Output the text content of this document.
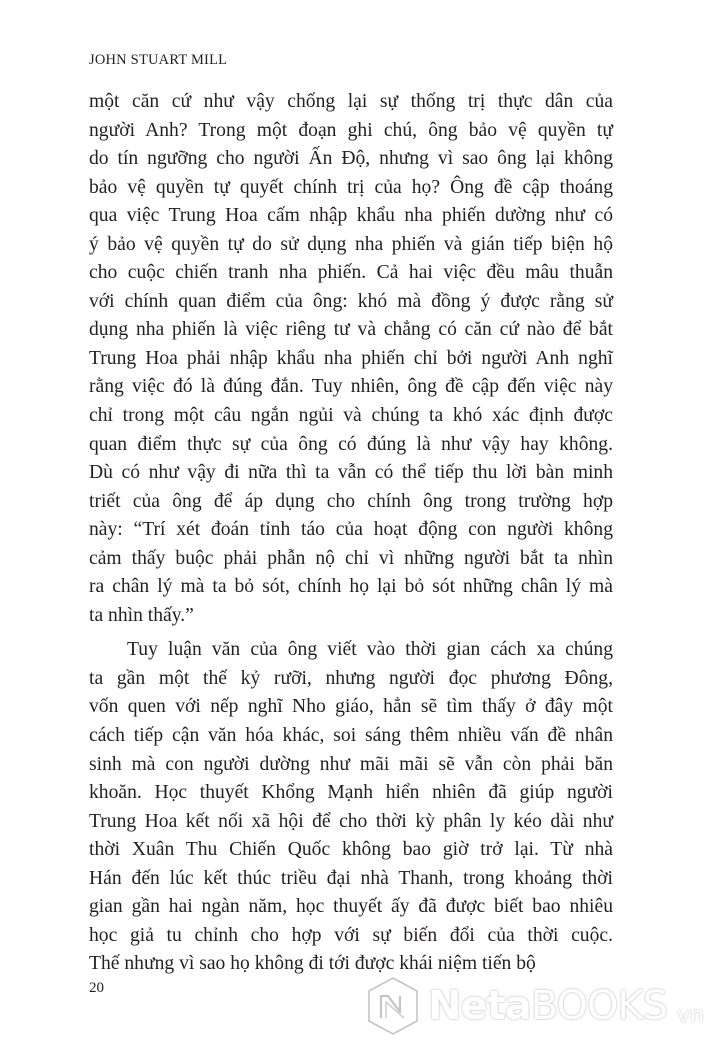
JOHN STUART MILL
một căn cứ như vậy chống lại sự thống trị thực dân của
người Anh? Trong một đoạn ghi chú, ông bảo vệ quyền tự
do tín ngưỡng cho người Ấn Độ, nhưng vì sao ông lại không
bảo vệ quyền tự quyết chính trị của họ? Ông đề cập thoáng
qua việc Trung Hoa cấm nhập khẩu nha phiến dường như có
ý bảo vệ quyền tự do sử dụng nha phiến và gián tiếp biện hộ
cho cuộc chiến tranh nha phiến. Cả hai việc đều mâu thuẫn
với chính quan điểm của ông: khó mà đồng ý được rằng sử
dụng nha phiến là việc riêng tư và chẳng có căn cứ nào để bắt
Trung Hoa phải nhập khẩu nha phiến chỉ bởi người Anh nghĩ
rằng việc đó là đúng đắn. Tuy nhiên, ông đề cập đến việc này
chỉ trong một câu ngắn ngủi và chúng ta khó xác định được
quan điểm thực sự của ông có đúng là như vậy hay không.
Dù có như vậy đi nữa thì ta vẫn có thể tiếp thu lời bàn minh
triết của ông để áp dụng cho chính ông trong trường hợp
này: “Trí xét đoán tỉnh táo của hoạt động con người không
cảm thấy buộc phải phẫn nộ chỉ vì những người bắt ta nhìn
ra chân lý mà ta bỏ sót, chính họ lại bỏ sót những chân lý mà
ta nhìn thấy.”
Tuy luận văn của ông viết vào thời gian cách xa chúng
ta gần một thế kỷ rưỡi, nhưng người đọc phương Đông,
vốn quen với nếp nghĩ Nho giáo, hẳn sẽ tìm thấy ở đây một
cách tiếp cận văn hóa khác, soi sáng thêm nhiều vấn đề nhân
sinh mà con người dường như mãi mãi sẽ vẫn còn phải băn
khoăn. Học thuyết Khổng Mạnh hiển nhiên đã giúp người
Trung Hoa kết nối xã hội để cho thời kỳ phân ly kéo dài như
thời Xuân Thu Chiến Quốc không bao giờ trở lại. Từ nhà
Hán đến lúc kết thúc triều đại nhà Thanh, trong khoảng thời
gian gần hai ngàn năm, học thuyết ấy đã được biết bao nhiêu
học giả tu chỉnh cho hợp với sự biến đổi của thời cuộc.
Thế nhưng vì sao họ không đi tới được khái niệm tiến bộ
20	NetaBOOKS vn
